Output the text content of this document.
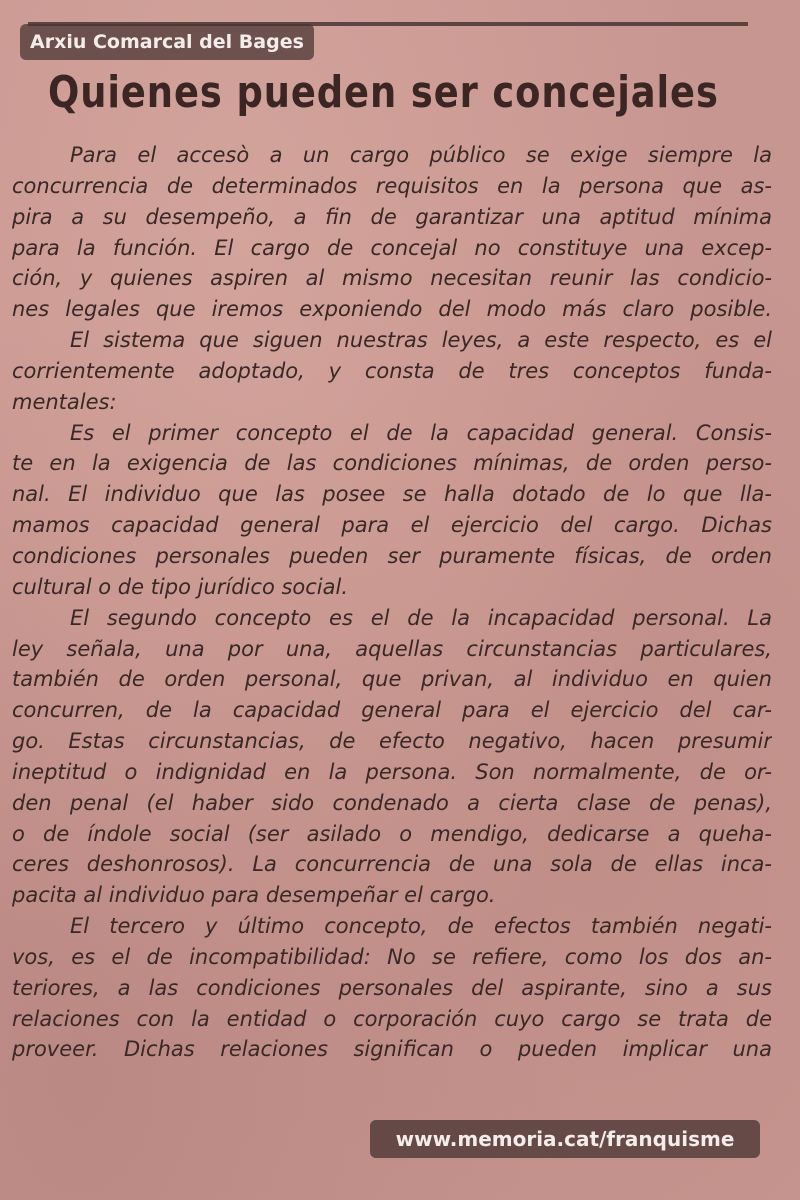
Arxiu Comarcal del Bages
Quienes pueden ser concejales
Para el accesò a un cargo público se exige siempre la
concurrencia de determinados requisitos en la persona que as-
pira a su desempeño, a fin de garantizar una aptitud mínima
para la función. El cargo de concejal no constituye una excep-
ción, y quienes aspiren al mismo necesitan reunir las condicio-
nes legales que iremos exponiendo del modo más claro posible.
El sistema que siguen nuestras leyes, a este respecto, es el
corrientemente adoptado, y consta de tres conceptos funda-
mentales:
Es el primer concepto el de la capacidad general. Consis-
te en la exigencia de las condiciones mínimas, de orden perso-
nal. El individuo que las posee se halla dotado de lo que lla-
mamos capacidad general para el ejercicio del cargo. Dichas
condiciones personales pueden ser puramente físicas, de orden
cultural o de tipo jurídico social.
El segundo concepto es el de la incapacidad personal. La
ley señala, una por una, aquellas circunstancias particulares,
también de orden personal, que privan, al individuo en quien
concurren, de la capacidad general para el ejercicio del car-
go. Estas circunstancias, de efecto negativo, hacen presumir
ineptitud o indignidad en la persona. Son normalmente, de or-
den penal (el haber sido condenado a cierta clase de penas),
o de índole social (ser asilado o mendigo, dedicarse a queha-
ceres deshonrosos). La concurrencia de una sola de ellas inca-
pacita al individuo para desempeñar el cargo.
El tercero y último concepto, de efectos también negati-
vos, es el de incompatibilidad: No se refiere, como los dos an-
teriores, a las condiciones personales del aspirante, sino a sus
relaciones con la entidad o corporación cuyo cargo se trata de
proveer. Dichas relaciones significan o pueden implicar una
www.memoria.cat/franquisme
